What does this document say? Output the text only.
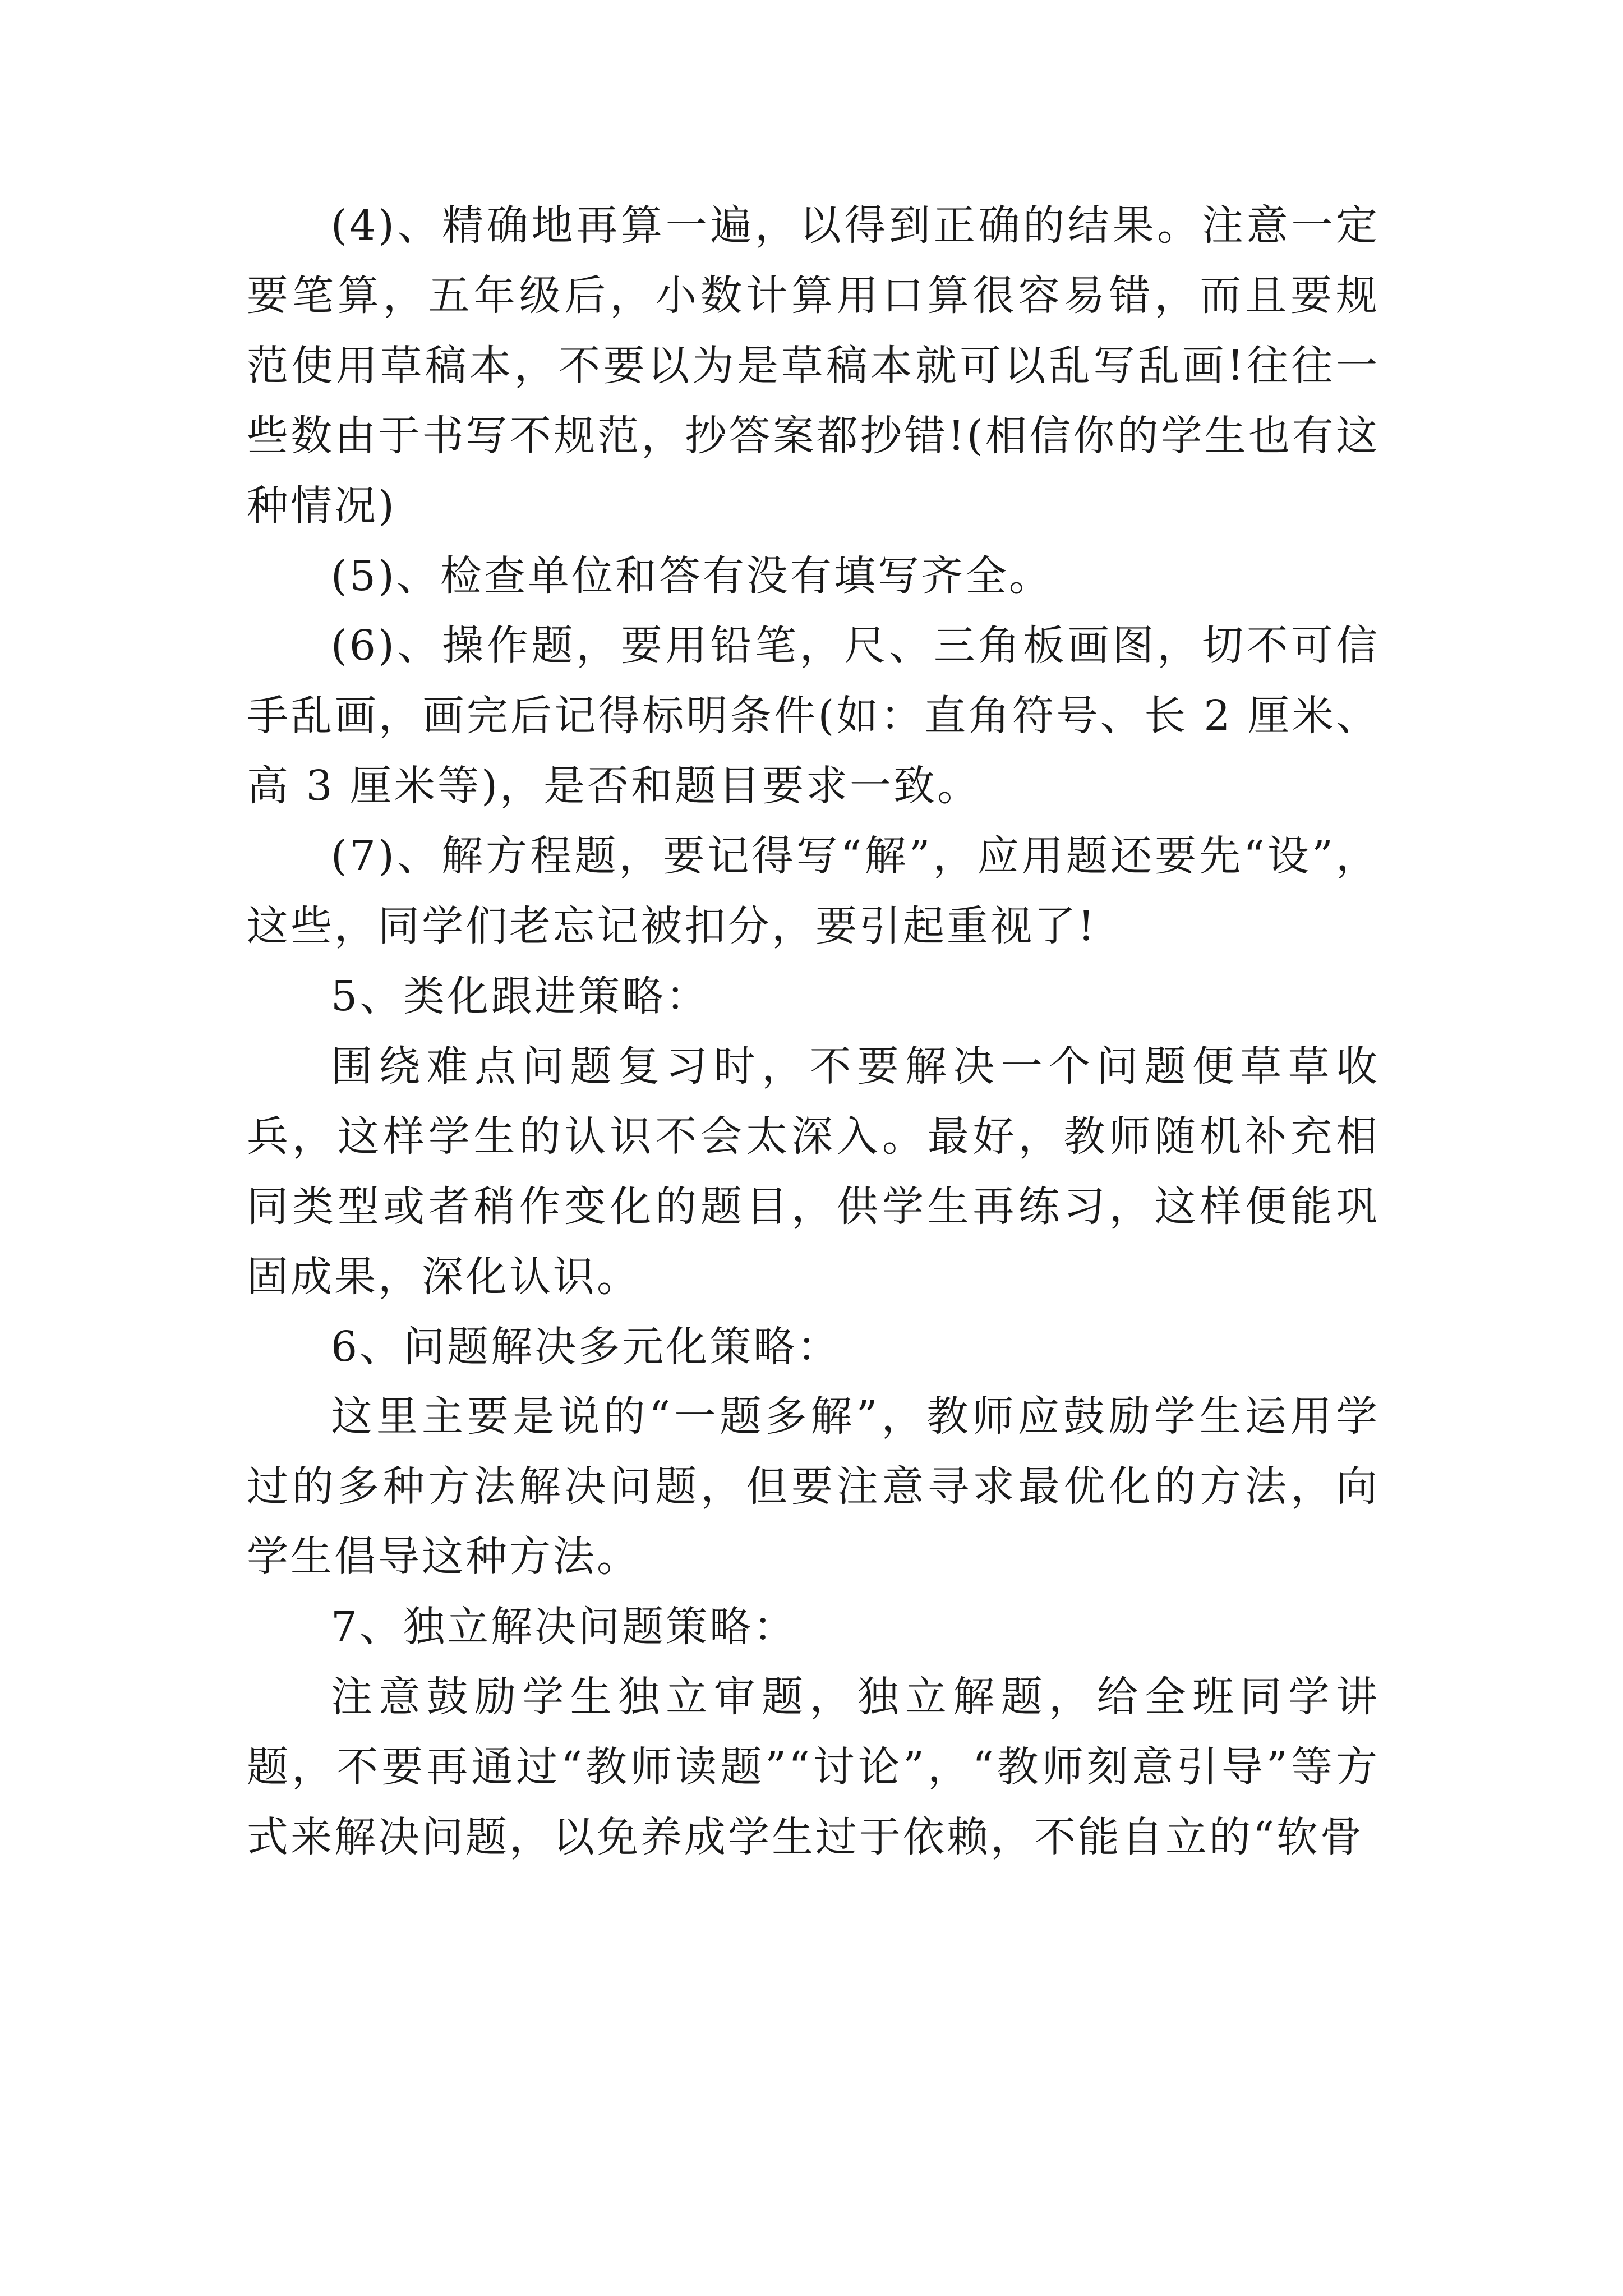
(4)、精确地再算一遍，以得到正确的结果。注意一定要笔算，五年级后，小数计算用口算很容易错，而且要规范使用草稿本，不要以为是草稿本就可以乱写乱画!往往一些数由于书写不规范，抄答案都抄错!(相信你的学生也有这种情况)

(5)、检查单位和答有没有填写齐全。

(6)、操作题，要用铅笔，尺、三角板画图，切不可信手乱画，画完后记得标明条件(如：直角符号、长 2 厘米、高 3 厘米等)，是否和题目要求一致。

(7)、解方程题，要记得写“解”，应用题还要先“设”，这些，同学们老忘记被扣分，要引起重视了!

5、类化跟进策略：

围绕难点问题复习时，不要解决一个问题便草草收兵，这样学生的认识不会太深入。最好，教师随机补充相同类型或者稍作变化的题目，供学生再练习，这样便能巩固成果，深化认识。

6、问题解决多元化策略：

这里主要是说的“一题多解”，教师应鼓励学生运用学过的多种方法解决问题，但要注意寻求最优化的方法，向学生倡导这种方法。

7、独立解决问题策略：

注意鼓励学生独立审题，独立解题，给全班同学讲题，不要再通过“教师读题”“讨论”，“教师刻意引导”等方式来解决问题，以免养成学生过于依赖，不能自立的“软骨
